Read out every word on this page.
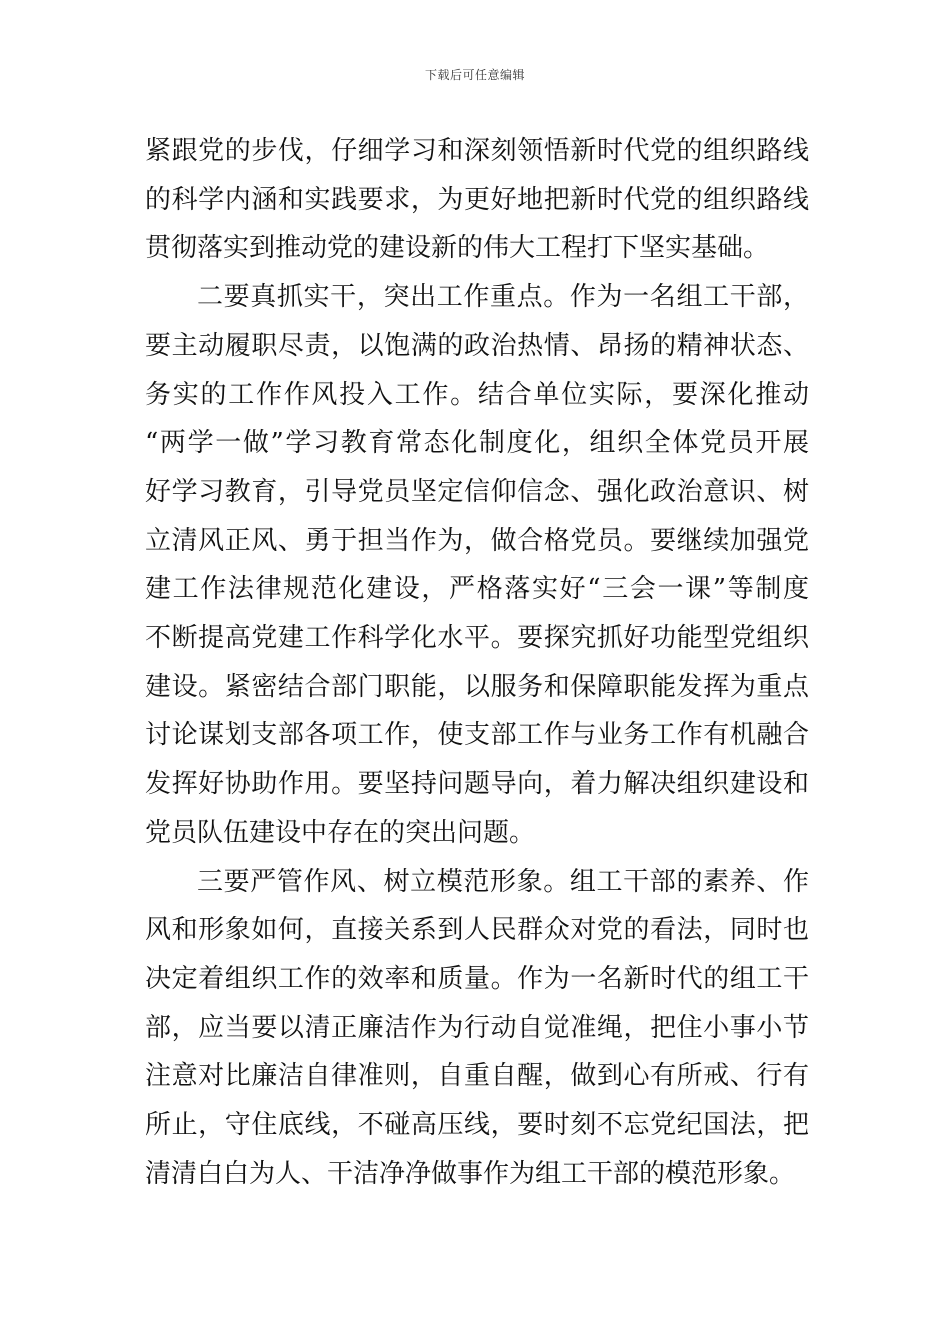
下载后可任意编辑
紧跟党的步伐，仔细学习和深刻领悟新时代党的组织路线
的科学内涵和实践要求，为更好地把新时代党的组织路线
贯彻落实到推动党的建设新的伟大工程打下坚实基础。
二要真抓实干，突出工作重点。作为一名组工干部，
要主动履职尽责，以饱满的政治热情、昂扬的精神状态、
务实的工作作风投入工作。结合单位实际，要深化推动
“两学一做”学习教育常态化制度化，组织全体党员开展
好学习教育，引导党员坚定信仰信念、强化政治意识、树
立清风正风、勇于担当作为，做合格党员。要继续加强党
建工作法律规范化建设，严格落实好“三会一课”等制度
不断提高党建工作科学化水平。要探究抓好功能型党组织
建设。紧密结合部门职能，以服务和保障职能发挥为重点
讨论谋划支部各项工作，使支部工作与业务工作有机融合
发挥好协助作用。要坚持问题导向，着力解决组织建设和
党员队伍建设中存在的突出问题。
三要严管作风、树立模范形象。组工干部的素养、作
风和形象如何，直接关系到人民群众对党的看法，同时也
决定着组织工作的效率和质量。作为一名新时代的组工干
部，应当要以清正廉洁作为行动自觉准绳，把住小事小节
注意对比廉洁自律准则，自重自醒，做到心有所戒、行有
所止，守住底线，不碰高压线，要时刻不忘党纪国法，把
清清白白为人、干洁净净做事作为组工干部的模范形象。
